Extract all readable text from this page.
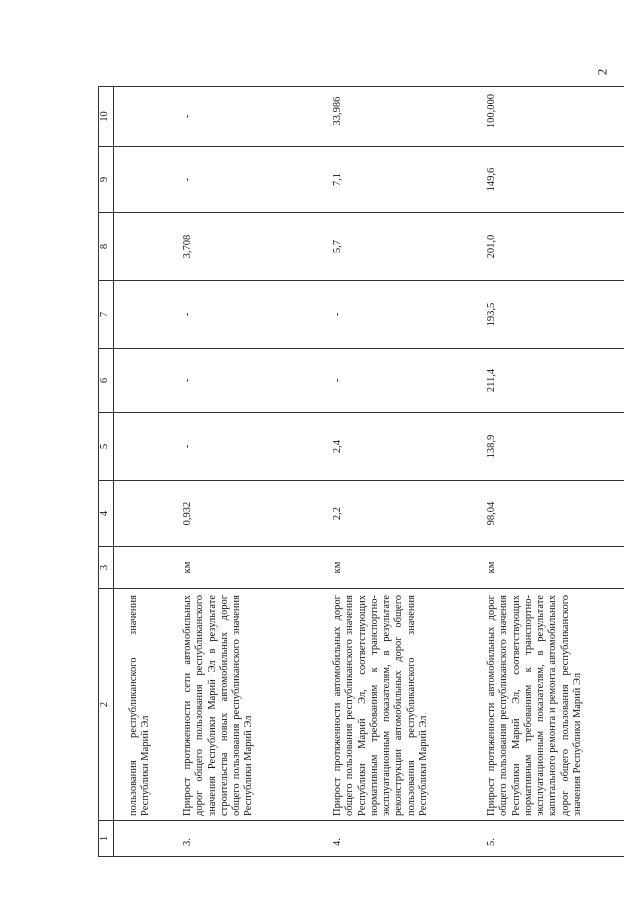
2
1	2	3	4	5	6	7	8	9	10
	пользования республиканского значения Республики Марий Эл								
3.	Прирост протяженности сети автомобильных дорог общего пользования республиканского значения Республики Марий Эл в результате строительства новых автомобильных дорог общего пользования республиканского значения Республики Марий Эл	км	0,932	-	-	-	3,708	-	-
4.	Прирост протяженности автомобильных дорог общего пользования республиканского значения Республики Марий Эл, соответствующих нормативным требованиям к транспортно-эксплуатационным показателям, в результате реконструкции автомобильных дорог общего пользования республиканского значения Республики Марий Эл	км	2,2	2,4	-	-	5,7	7,1	33,986
5.	Прирост протяженности автомобильных дорог общего пользования республиканского значения Республики Марий Эл, соответствующих нормативным требованиям к транспортно-эксплуатационным показателям, в результате капитального ремонта и ремонта автомобильных дорог общего пользования республиканского значения Республики Марий Эл	км	98,04	138,9	211,4	193,5	201,0	149,6	100,000
